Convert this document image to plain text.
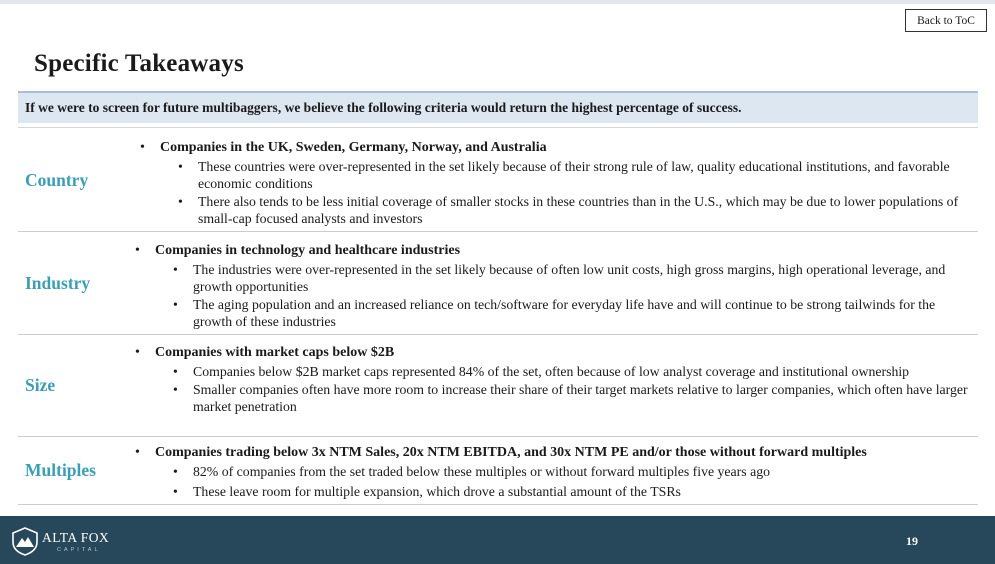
Back to ToC
Specific Takeaways
If we were to screen for future multibaggers, we believe the following criteria would return the highest percentage of success.
Country
•	Companies in the UK, Sweden, Germany, Norway, and Australia
•	These countries were over-represented in the set likely because of their strong rule of law, quality educational institutions, and favorable economic conditions
•	There also tends to be less initial coverage of smaller stocks in these countries than in the U.S., which may be due to lower populations of small-cap focused analysts and investors
Industry
•	Companies in technology and healthcare industries
•	The industries were over-represented in the set likely because of often low unit costs, high gross margins, high operational leverage, and growth opportunities
•	The aging population and an increased reliance on tech/software for everyday life have and will continue to be strong tailwinds for the growth of these industries
Size
•	Companies with market caps below $2B
•	Companies below $2B market caps represented 84% of the set, often because of low analyst coverage and institutional ownership
•	Smaller companies often have more room to increase their share of their target markets relative to larger companies, which often have larger market penetration
Multiples
•	Companies trading below 3x NTM Sales, 20x NTM EBITDA, and 30x NTM PE and/or those without forward multiples
•	82% of companies from the set traded below these multiples or without forward multiples five years ago
•	These leave room for multiple expansion, which drove a substantial amount of the TSRs
ALTA FOX
CAPITAL
19
